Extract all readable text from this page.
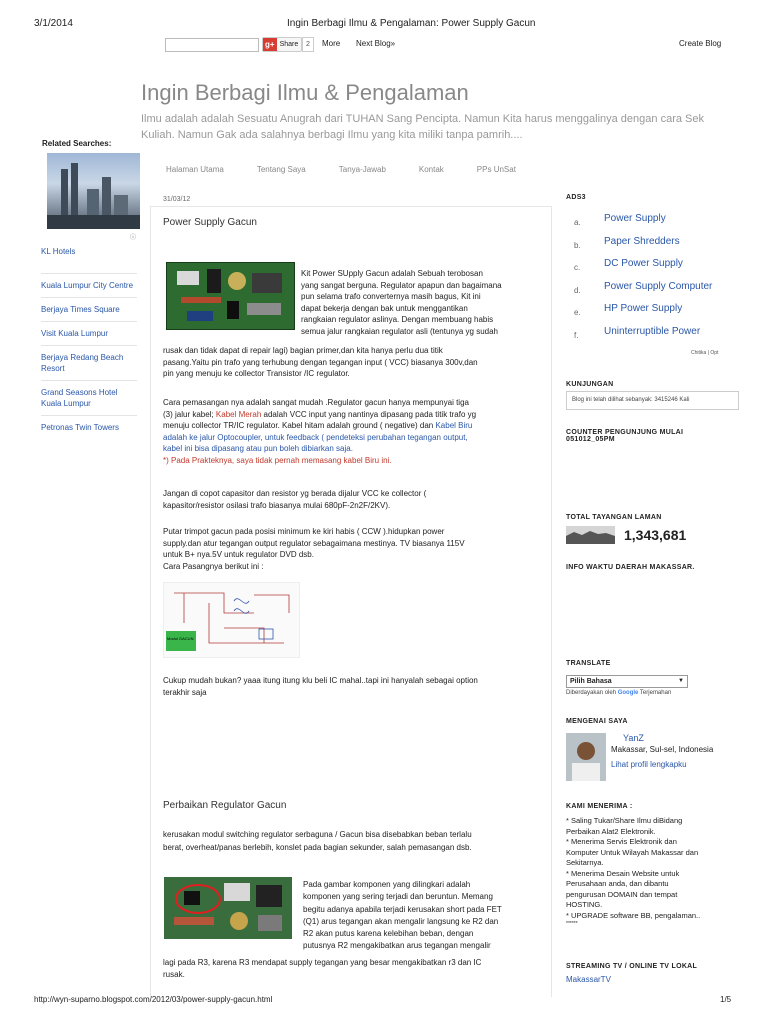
3/1/2014	Ingin Berbagi Ilmu & Pengalaman: Power Supply Gacun
g+ Share	2	More Next Blog»	Create Blog
Ingin Berbagi Ilmu & Pengalaman
Ilmu adalah adalah Sesuatu Anugrah dari TUHAN Sang Pencipta. Namun Kita harus menggalinya dengan cara Sek
Kuliah. Namun Gak ada salahnya berbagi Ilmu yang kita miliki tanpa pamrih....
Related Searches:
ⓘ
KL Hotels
Kuala Lumpur City Centre
Berjaya Times Square
Visit Kuala Lumpur
Berjaya Redang Beach Resort
Grand Seasons Hotel Kuala Lumpur
Petronas Twin Towers
Halaman Utama	Tentang Saya	Tanya-Jawab	Kontak	PPs UnSat
31/03/12
Power Supply Gacun
Kit Power SUpply Gacun adalah Sebuah terobosan
yang sangat berguna. Regulator apapun dan bagaimana
pun selama trafo converternya masih bagus, Kit ini
dapat bekerja dengan bak untuk menggantikan
rangkaian regulator aslinya. Dengan membuang habis
semua jalur rangkaian regulator asli (tentunya yg sudah
rusak dan tidak dapat di repair lagi) bagian primer,dan kita hanya perlu dua titik
pasang.Yaitu pin trafo yang terhubung dengan tegangan input ( VCC) biasanya 300v,dan
pin yang menuju ke collector Transistor /IC regulator.
Cara pemasangan nya adalah sangat mudah .Regulator gacun hanya mempunyai tiga
(3) jalur kabel; Kabel Merah adalah VCC input yang nantinya dipasang pada titik trafo yg
menuju collector TR/IC regulator. Kabel hitam adalah ground ( negative) dan Kabel Biru
adalah ke jalur Optocoupler, untuk feedback ( pendeteksi perubahan tegangan output,
kabel ini bisa dipasang atau pun boleh dibiarkan saja.
*) Pada Prakteknya, saya tidak pernah memasang kabel Biru ini.
Jangan di copot capasitor dan resistor yg berada dijalur VCC ke collector (
kapasitor/resistor osilasi trafo biasanya mulai 680pF-2n2F/2KV).
Putar trimpot gacun pada posisi minimum ke kiri habis ( CCW ).hidupkan power
supply.dan atur tegangan output regulator sebagaimana mestinya. TV biasanya 115V
untuk B+ nya.5V untuk regulator DVD dsb.
Cara Pasangnya berikut ini :
Modul GACUN
Cukup mudah bukan? yaaa itung itung klu beli IC mahal..tapi ini hanyalah sebagai option
terakhir saja
Perbaikan Regulator Gacun
kerusakan modul switching regulator serbaguna / Gacun bisa disebabkan beban terlalu
berat, overheat/panas berlebih, konslet pada bagian sekunder, salah pemasangan dsb.
Pada gambar komponen yang dilingkari adalah
komponen yang sering terjadi dan beruntun. Memang
begitu adanya apabila terjadi kerusakan short pada FET
(Q1) arus tegangan akan mengalir langsung ke R2 dan
R2 akan putus karena kelebihan beban, dengan
putusnya R2 mengakibatkan arus tegangan mengalir
lagi pada R3, karena R3 mendapat supply tegangan yang besar mengakibatkan r3 dan IC
rusak.
ADS3
a. Power Supply
b. Paper Shredders
c. DC Power Supply
d. Power Supply Computer
e. HP Power Supply
f.	Uninterruptible Power
Chitika | Opt
KUNJUNGAN
Blog ini telah dilihat sebanyak: 3415246 Kali
COUNTER PENGUNJUNG MULAI
051012_05PM
TOTAL TAYANGAN LAMAN
1,343,681
INFO WAKTU DAERAH MAKASSAR.
TRANSLATE
Pilih Bahasa	▼
Diberdayakan oleh Google Terjemahan
MENGENAI SAYA
YanZ
Makassar, Sul-sel, Indonesia
Lihat profil lengkapku
KAMI MENERIMA :
* Saling Tukar/Share Ilmu diBidang
Perbaikan Alat2 Elektronik.
* Menerima Servis Elektronik dan
Komputer Untuk Wilayah Makassar dan
Sekitarnya.
* Menerima Desain Website untuk
Perusahaan anda, dan dibantu
pengurusan DOMAIN dan tempat
HOSTING.
* UPGRADE software BB, pengalaman..
******
STREAMING TV / ONLINE TV LOKAL
MakassarTV
http://wyn-suparno.blogspot.com/2012/03/power-supply-gacun.html	1/5
